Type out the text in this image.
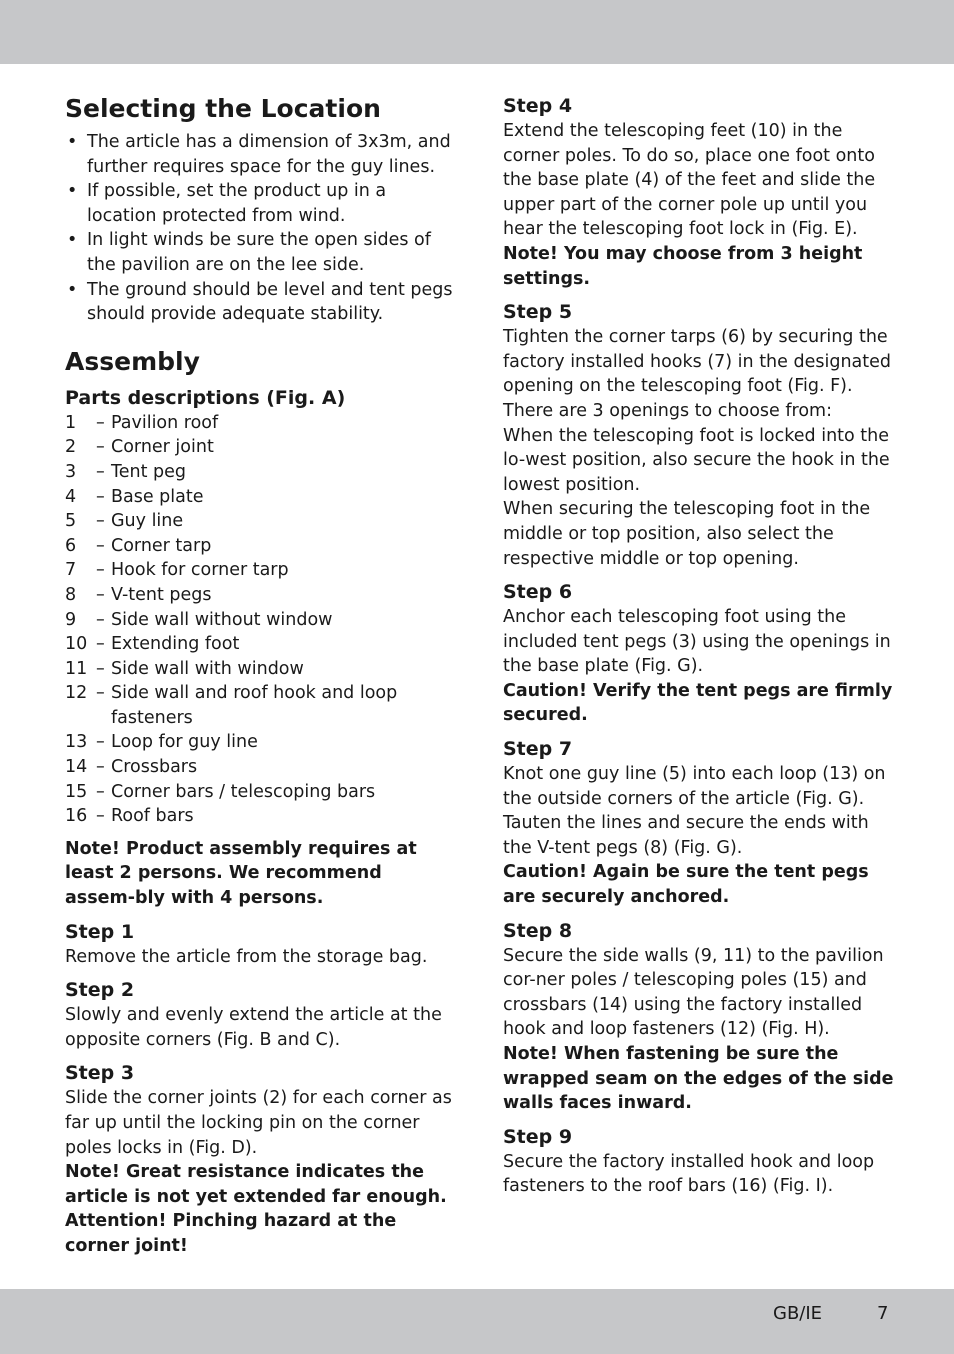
Selecting the Location
• The article has a dimension of 3x3m, and further requires space for the guy lines.
• If possible, set the product up in a location protected from wind.
• In light winds be sure the open sides of the pavilion are on the lee side.
• The ground should be level and tent pegs should provide adequate stability.
Assembly
Parts descriptions (Fig. A)
1	– Pavilion roof
2	– Corner joint
3	– Tent peg
4	– Base plate
5	– Guy line
6	– Corner tarp
7	– Hook for corner tarp
8	– V-tent pegs
9	– Side wall without window
10 – Extending foot
11 – Side wall with window
12 – Side wall and roof hook and loop fasteners
13 – Loop for guy line
14 – Crossbars
15 – Corner bars / telescoping bars
16 – Roof bars

Note! Product assembly requires at least 2 persons. We recommend assem-bly with 4 persons.

Step 1

Remove the article from the storage bag.

Step 2

Slowly and evenly extend the article at the opposite corners (Fig. B and C).

Step 3

Slide the corner joints (2) for each corner as far up until the locking pin on the corner poles locks in (Fig. D).

Note! Great resistance indicates the article is not yet extended far enough.

Attention! Pinching hazard at the corner joint!

Step 4

Extend the telescoping feet (10) in the corner poles. To do so, place one foot onto the base plate (4) of the feet and slide the upper part of the corner pole up until you hear the telescoping foot lock in (Fig. E).

Note! You may choose from 3 height settings.

Step 5

Tighten the corner tarps (6) by securing the factory installed hooks (7) in the designated opening on the telescoping foot (Fig. F).

There are 3 openings to choose from:

When the telescoping foot is locked into the lo-west position, also secure the hook in the lowest position.

When securing the telescoping foot in the middle or top position, also select the respective middle or top opening.

Step 6

Anchor each telescoping foot using the included tent pegs (3) using the openings in the base plate (Fig. G).

Caution! Verify the tent pegs are firmly secured.

Step 7

Knot one guy line (5) into each loop (13) on the outside corners of the article (Fig. G).

Tauten the lines and secure the ends with the V-tent pegs (8) (Fig. G).

Caution! Again be sure the tent pegs are securely anchored.

Step 8

Secure the side walls (9, 11) to the pavilion cor-ner poles / telescoping poles (15) and crossbars (14) using the factory installed hook and loop fasteners (12) (Fig. H).

Note! When fastening be sure the wrapped seam on the edges of the side walls faces inward.

Step 9

Secure the factory installed hook and loop fasteners to the roof bars (16) (Fig. I).

GB/IE	7
